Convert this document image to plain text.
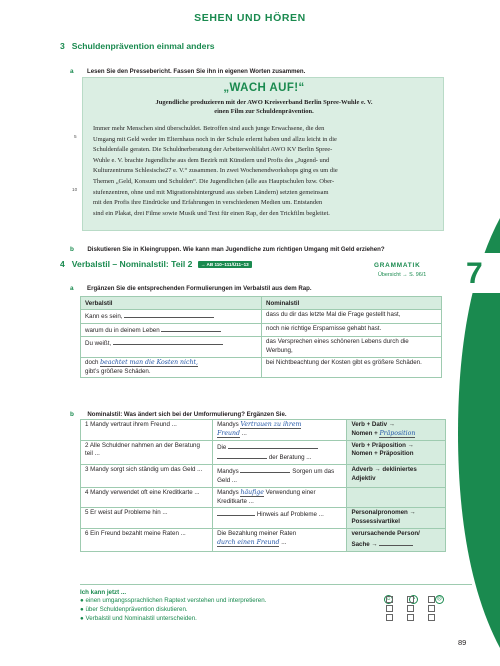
SEHEN UND HÖREN
7
3 Schuldenprävention einmal anders
a Lesen Sie den Pressebericht. Fassen Sie ihn in eigenen Worten zusammen.
„WACH AUF!“
Jugendliche produzieren mit der AWO Kreisverband Berlin Spree-Wuhle e. V.
einen Film zur Schuldenprävention.

Immer mehr Menschen sind überschuldet. Betroffen sind auch junge Erwachsene, die den

Umgang mit Geld weder im Elternhaus noch in der Schule erlernt haben und allzu leicht in die

Schuldenfalle geraten. Die Schuldnerberatung der Arbeiterwohlfahrt AWO KV Berlin Spree-

Wuhle e. V. brachte Jugendliche aus dem Bezirk mit Künstlern und Profis des „Jugend- und

Kulturzentrums Schlesische27 e. V.“ zusammen. In zwei Wochenendworkshops ging es um die

Themen „Geld, Konsum und Schulden“. Die Jugendlichen (alle aus Hauptschulen bzw. Ober-

stufenzentren, ohne und mit Migrationshintergrund aus sieben Ländern) setzten gemeinsam

mit den Profis ihre Eindrücke und Erfahrungen in verschiedenen Medien um. Entstanden

sind ein Plakat, drei Filme sowie Musik und Text für einen Rap, der den Trickfilm begleitet.

5
10
b Diskutieren Sie in Kleingruppen. Wie kann man Jugendliche zum richtigen Umgang mit Geld erziehen?
4 Verbalstil – Nominalstil: Teil 2 → AB 110–111/Ü11–13	GRAMMATIK
Übersicht → S. 96/1
a Ergänzen Sie die entsprechenden Formulierungen im Verbalstil aus dem Rap.
Verbalstil	Nominalstil
Kann es sein,	dass du dir das letzte Mal die Frage gestellt hast,
warum du in deinem Leben	noch nie richtige Ersparnisse gehabt hast.
Du weißt,	das Versprechen eines schöneren Lebens durch die Werbung,
doch beachtet man die Kosten nicht,
gibt’s größere Schäden.	bei Nichtbeachtung der Kosten gibt es größere Schäden.
b Nominalstil: Was ändert sich bei der Umformulierung? Ergänzen Sie.
1 Mandy vertraut ihrem Freund ...	Mandys Vertrauen zu ihrem
Freund ...	Verb + Dativ →
Nomen + Präposition
2 Alle Schuldner nahmen an der Beratung teil ...	Die
der Beratung ...	Verb + Präposition →
Nomen + Präposition
3 Mandy sorgt sich ständig um das Geld ...	Mandys Sorgen um das Geld ...	Adverb → dekliniertes
Adjektiv
4 Mandy verwendet oft eine Kreditkarte ...	Mandys häufige Verwendung einer Kreditkarte ...	
5 Er weist auf Probleme hin ...	Hinweis auf Probleme ...	Personalpronomen →
Possessivartikel
6 Ein Freund bezahlt meine Raten ...	Die Bezahlung meiner Raten
durch einen Freund ...	verursachende Person/
Sache →
Ich kann jetzt ...
☺	◔	☹
● einen umgangssprachlichen Raptext verstehen und interpretieren.
● über Schuldenprävention diskutieren.
● Verbalstil und Nominalstil unterscheiden.
89
